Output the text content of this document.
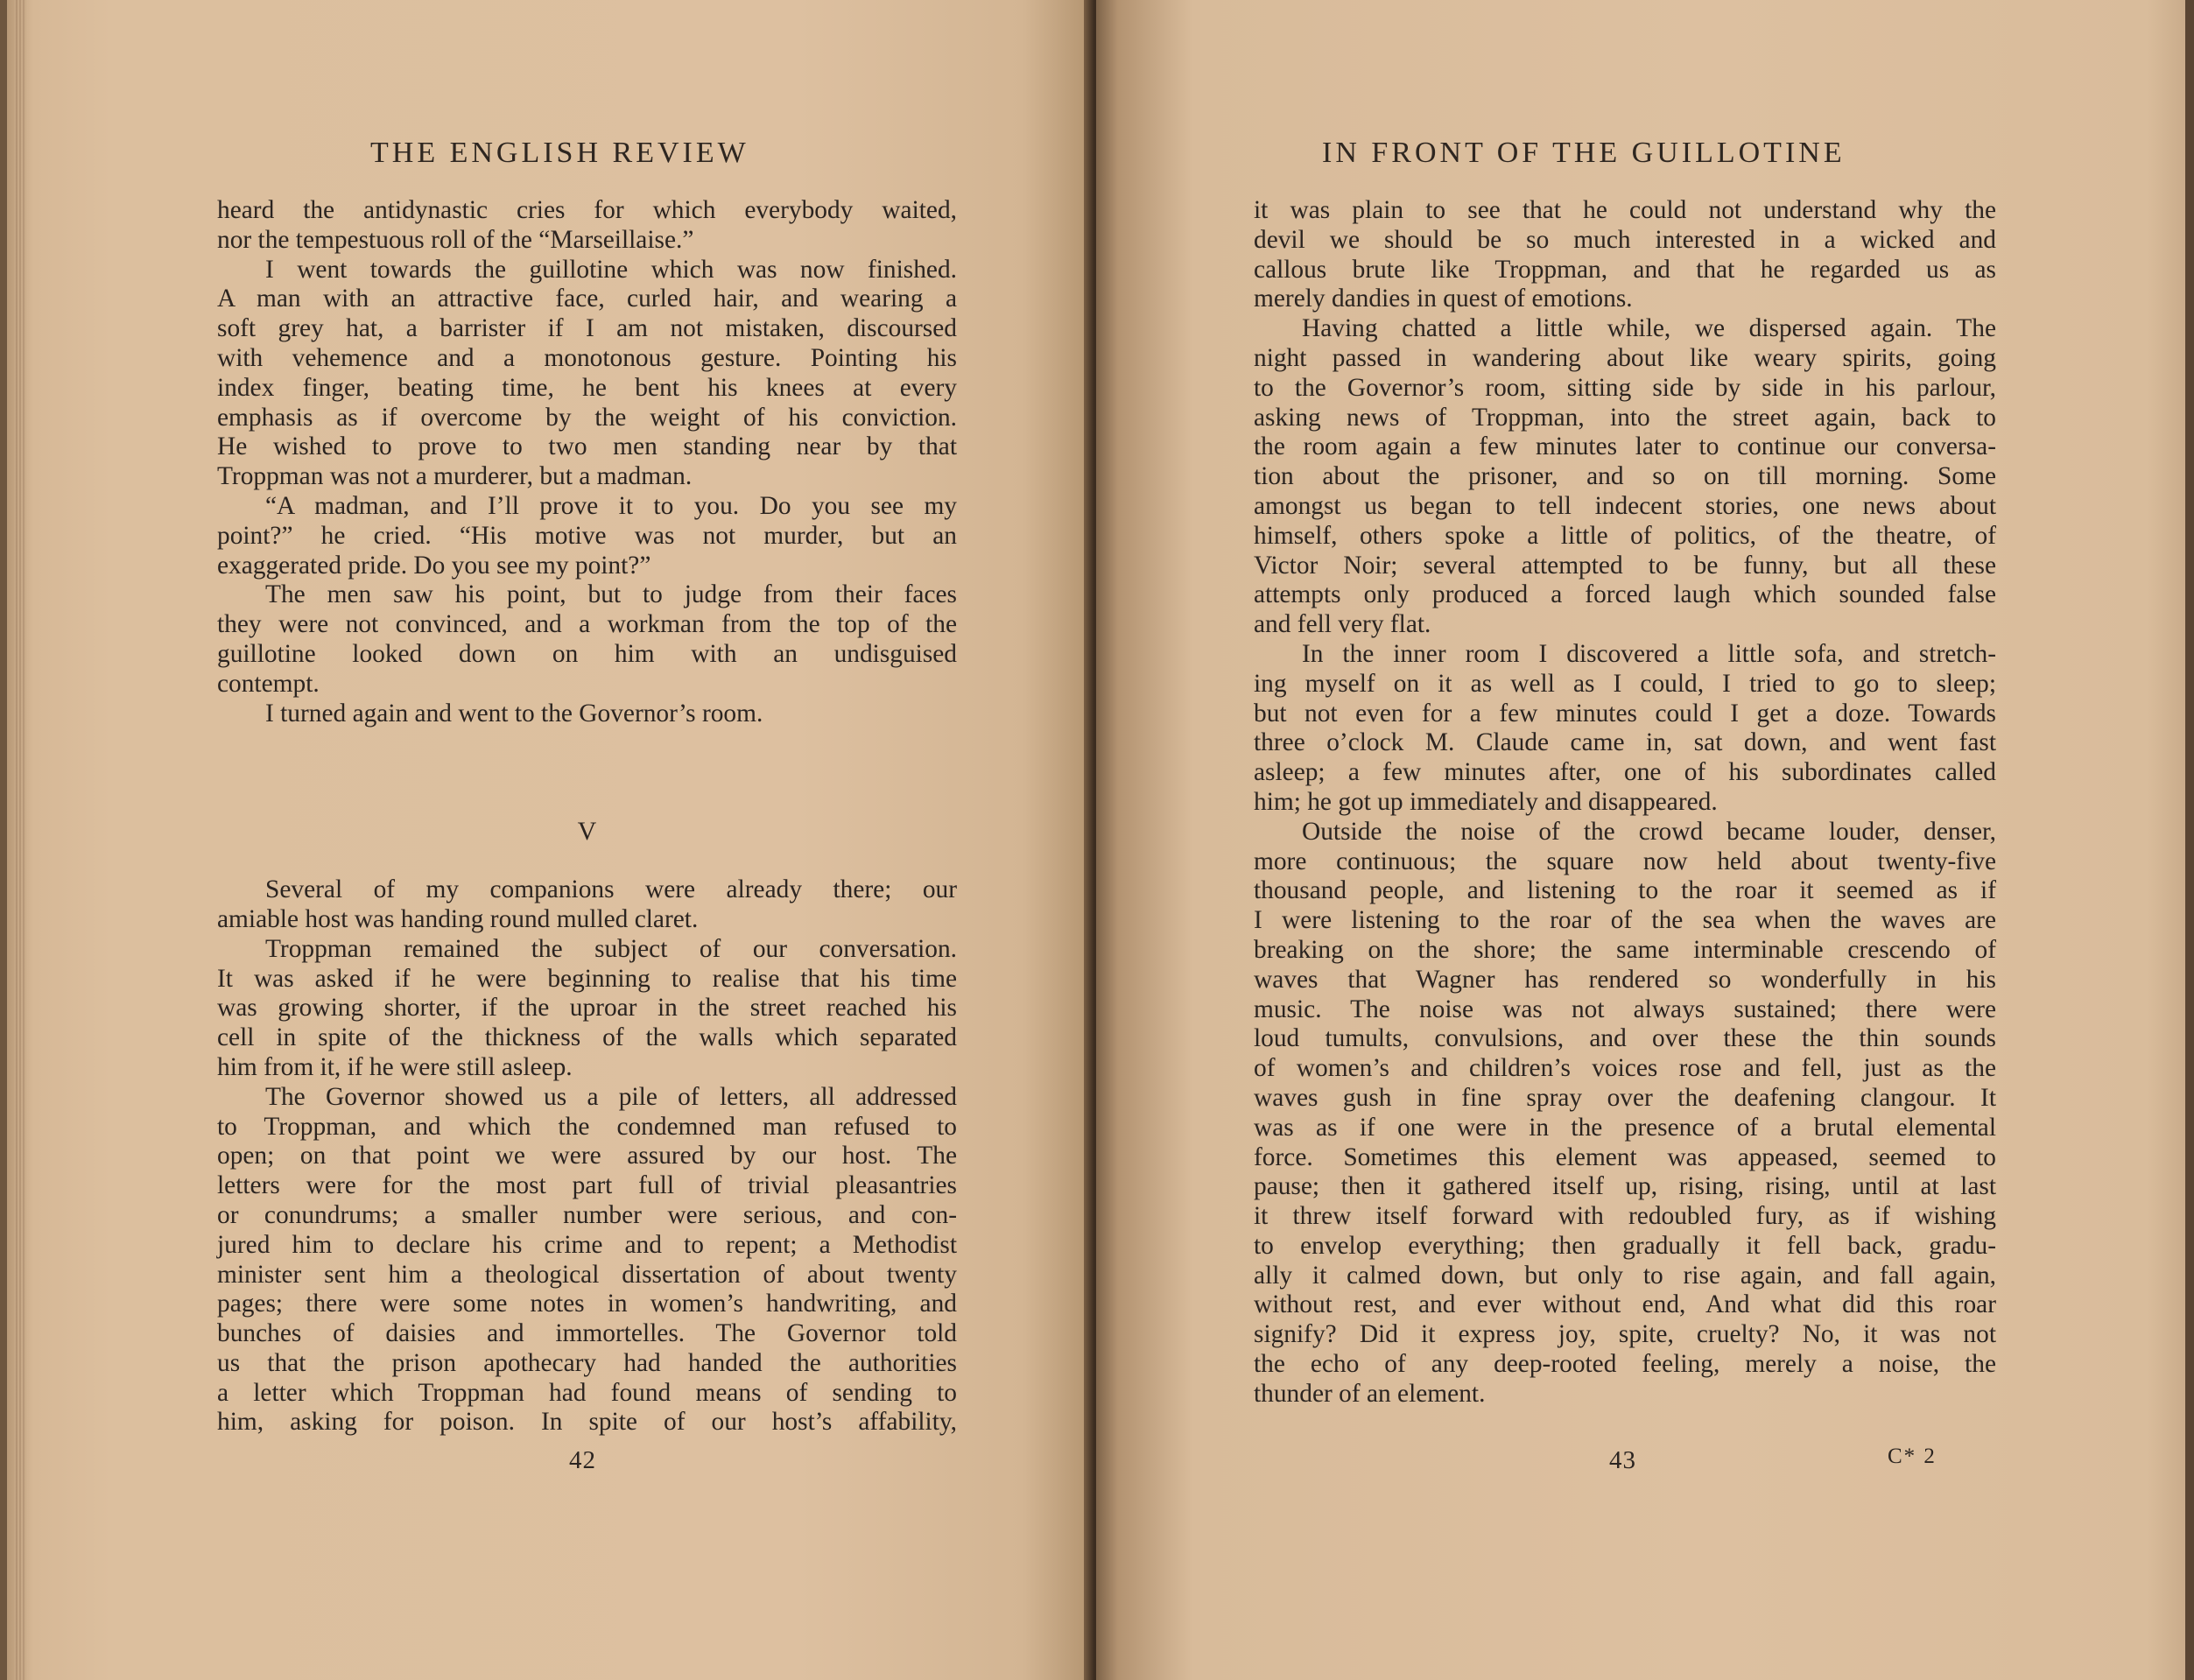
THE ENGLISH REVIEW
heard the antidynastic cries for which everybody waited,
nor the tempestuous roll of the “Marseillaise.”
I went towards the guillotine which was now finished.
A man with an attractive face, curled hair, and wearing a
soft grey hat, a barrister if I am not mistaken, discoursed
with vehemence and a monotonous gesture. Pointing his
index finger, beating time, he bent his knees at every
emphasis as if overcome by the weight of his conviction.
He wished to prove to two men standing near by that
Troppman was not a murderer, but a madman.
“A madman, and I’ll prove it to you. Do you see my
point?” he cried. “His motive was not murder, but an
exaggerated pride. Do you see my point?”
The men saw his point, but to judge from their faces
they were not convinced, and a workman from the top of the
guillotine looked down on him with an undisguised
contempt.
I turned again and went to the Governor’s room.
V
Several of my companions were already there; our
amiable host was handing round mulled claret.
Troppman remained the subject of our conversation.
It was asked if he were beginning to realise that his time
was growing shorter, if the uproar in the street reached his
cell in spite of the thickness of the walls which separated
him from it, if he were still asleep.
The Governor showed us a pile of letters, all addressed
to Troppman, and which the condemned man refused to
open; on that point we were assured by our host. The
letters were for the most part full of trivial pleasantries
or conundrums; a smaller number were serious, and con-
jured him to declare his crime and to repent; a Methodist
minister sent him a theological dissertation of about twenty
pages; there were some notes in women’s handwriting, and
bunches of daisies and immortelles. The Governor told
us that the prison apothecary had handed the authorities
a letter which Troppman had found means of sending to
him, asking for poison. In spite of our host’s affability,
42
IN FRONT OF THE GUILLOTINE
it was plain to see that he could not understand why the
devil we should be so much interested in a wicked and
callous brute like Troppman, and that he regarded us as
merely dandies in quest of emotions.
Having chatted a little while, we dispersed again. The
night passed in wandering about like weary spirits, going
to the Governor’s room, sitting side by side in his parlour,
asking news of Troppman, into the street again, back to
the room again a few minutes later to continue our conversa-
tion about the prisoner, and so on till morning. Some
amongst us began to tell indecent stories, one news about
himself, others spoke a little of politics, of the theatre, of
Victor Noir; several attempted to be funny, but all these
attempts only produced a forced laugh which sounded false
and fell very flat.
In the inner room I discovered a little sofa, and stretch-
ing myself on it as well as I could, I tried to go to sleep;
but not even for a few minutes could I get a doze. Towards
three o’clock M. Claude came in, sat down, and went fast
asleep; a few minutes after, one of his subordinates called
him; he got up immediately and disappeared.
Outside the noise of the crowd became louder, denser,
more continuous; the square now held about twenty-five
thousand people, and listening to the roar it seemed as if
I were listening to the roar of the sea when the waves are
breaking on the shore; the same interminable crescendo of
waves that Wagner has rendered so wonderfully in his
music. The noise was not always sustained; there were
loud tumults, convulsions, and over these the thin sounds
of women’s and children’s voices rose and fell, just as the
waves gush in fine spray over the deafening clangour. It
was as if one were in the presence of a brutal elemental
force. Sometimes this element was appeased, seemed to
pause; then it gathered itself up, rising, rising, until at last
it threw itself forward with redoubled fury, as if wishing
to envelop everything; then gradually it fell back, gradu-
ally it calmed down, but only to rise again, and fall again,
without rest, and ever without end, And what did this roar
signify? Did it express joy, spite, cruelty? No, it was not
the echo of any deep-rooted feeling, merely a noise, the
thunder of an element.
43	C* 2
